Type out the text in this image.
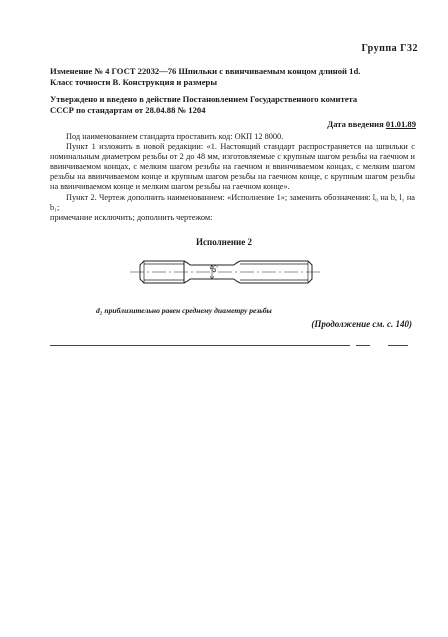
Группа Г32
Изменение № 4 ГОСТ 22032—76 Шпильки с ввинчиваемым концом длиной 1d.
Класс точности В. Конструкция и размеры
Утверждено и введено в действие Постановлением Государственного комитета
СССР по стандартам от 28.04.88 № 1204
Дата введения 01.01.89

Под наименованием стандарта проставить код: ОКП 12 8000.

Пункт 1 изложить в новой редакции: «1. Настоящий стандарт распространяется на шпильки с номинальным диаметром резьбы от 2 до 48 мм, изготовляемые с крупным шагом резьбы на гаечном и ввинчиваемом концах, с мелким шагом резьбы на гаечном и ввинчиваемом концах, с мелким шагом резьбы на ввинчиваемом конце и крупным шагом резьбы на гаечном конце, с крупным шагом резьбы на ввинчиваемом конце и мелким шагом резьбы на гаечном конце».

Пункт 2. Чертеж дополнить наименованием: «Исполнение 1»; заменить обозначения: l₀ на b, l₁ на b₁;

примечание исключить; дополнить чертежом:

Исполнение 2
d₂
d₂ приблизительно равен среднему диаметру резьбы
(Продолжение см. с. 140)
